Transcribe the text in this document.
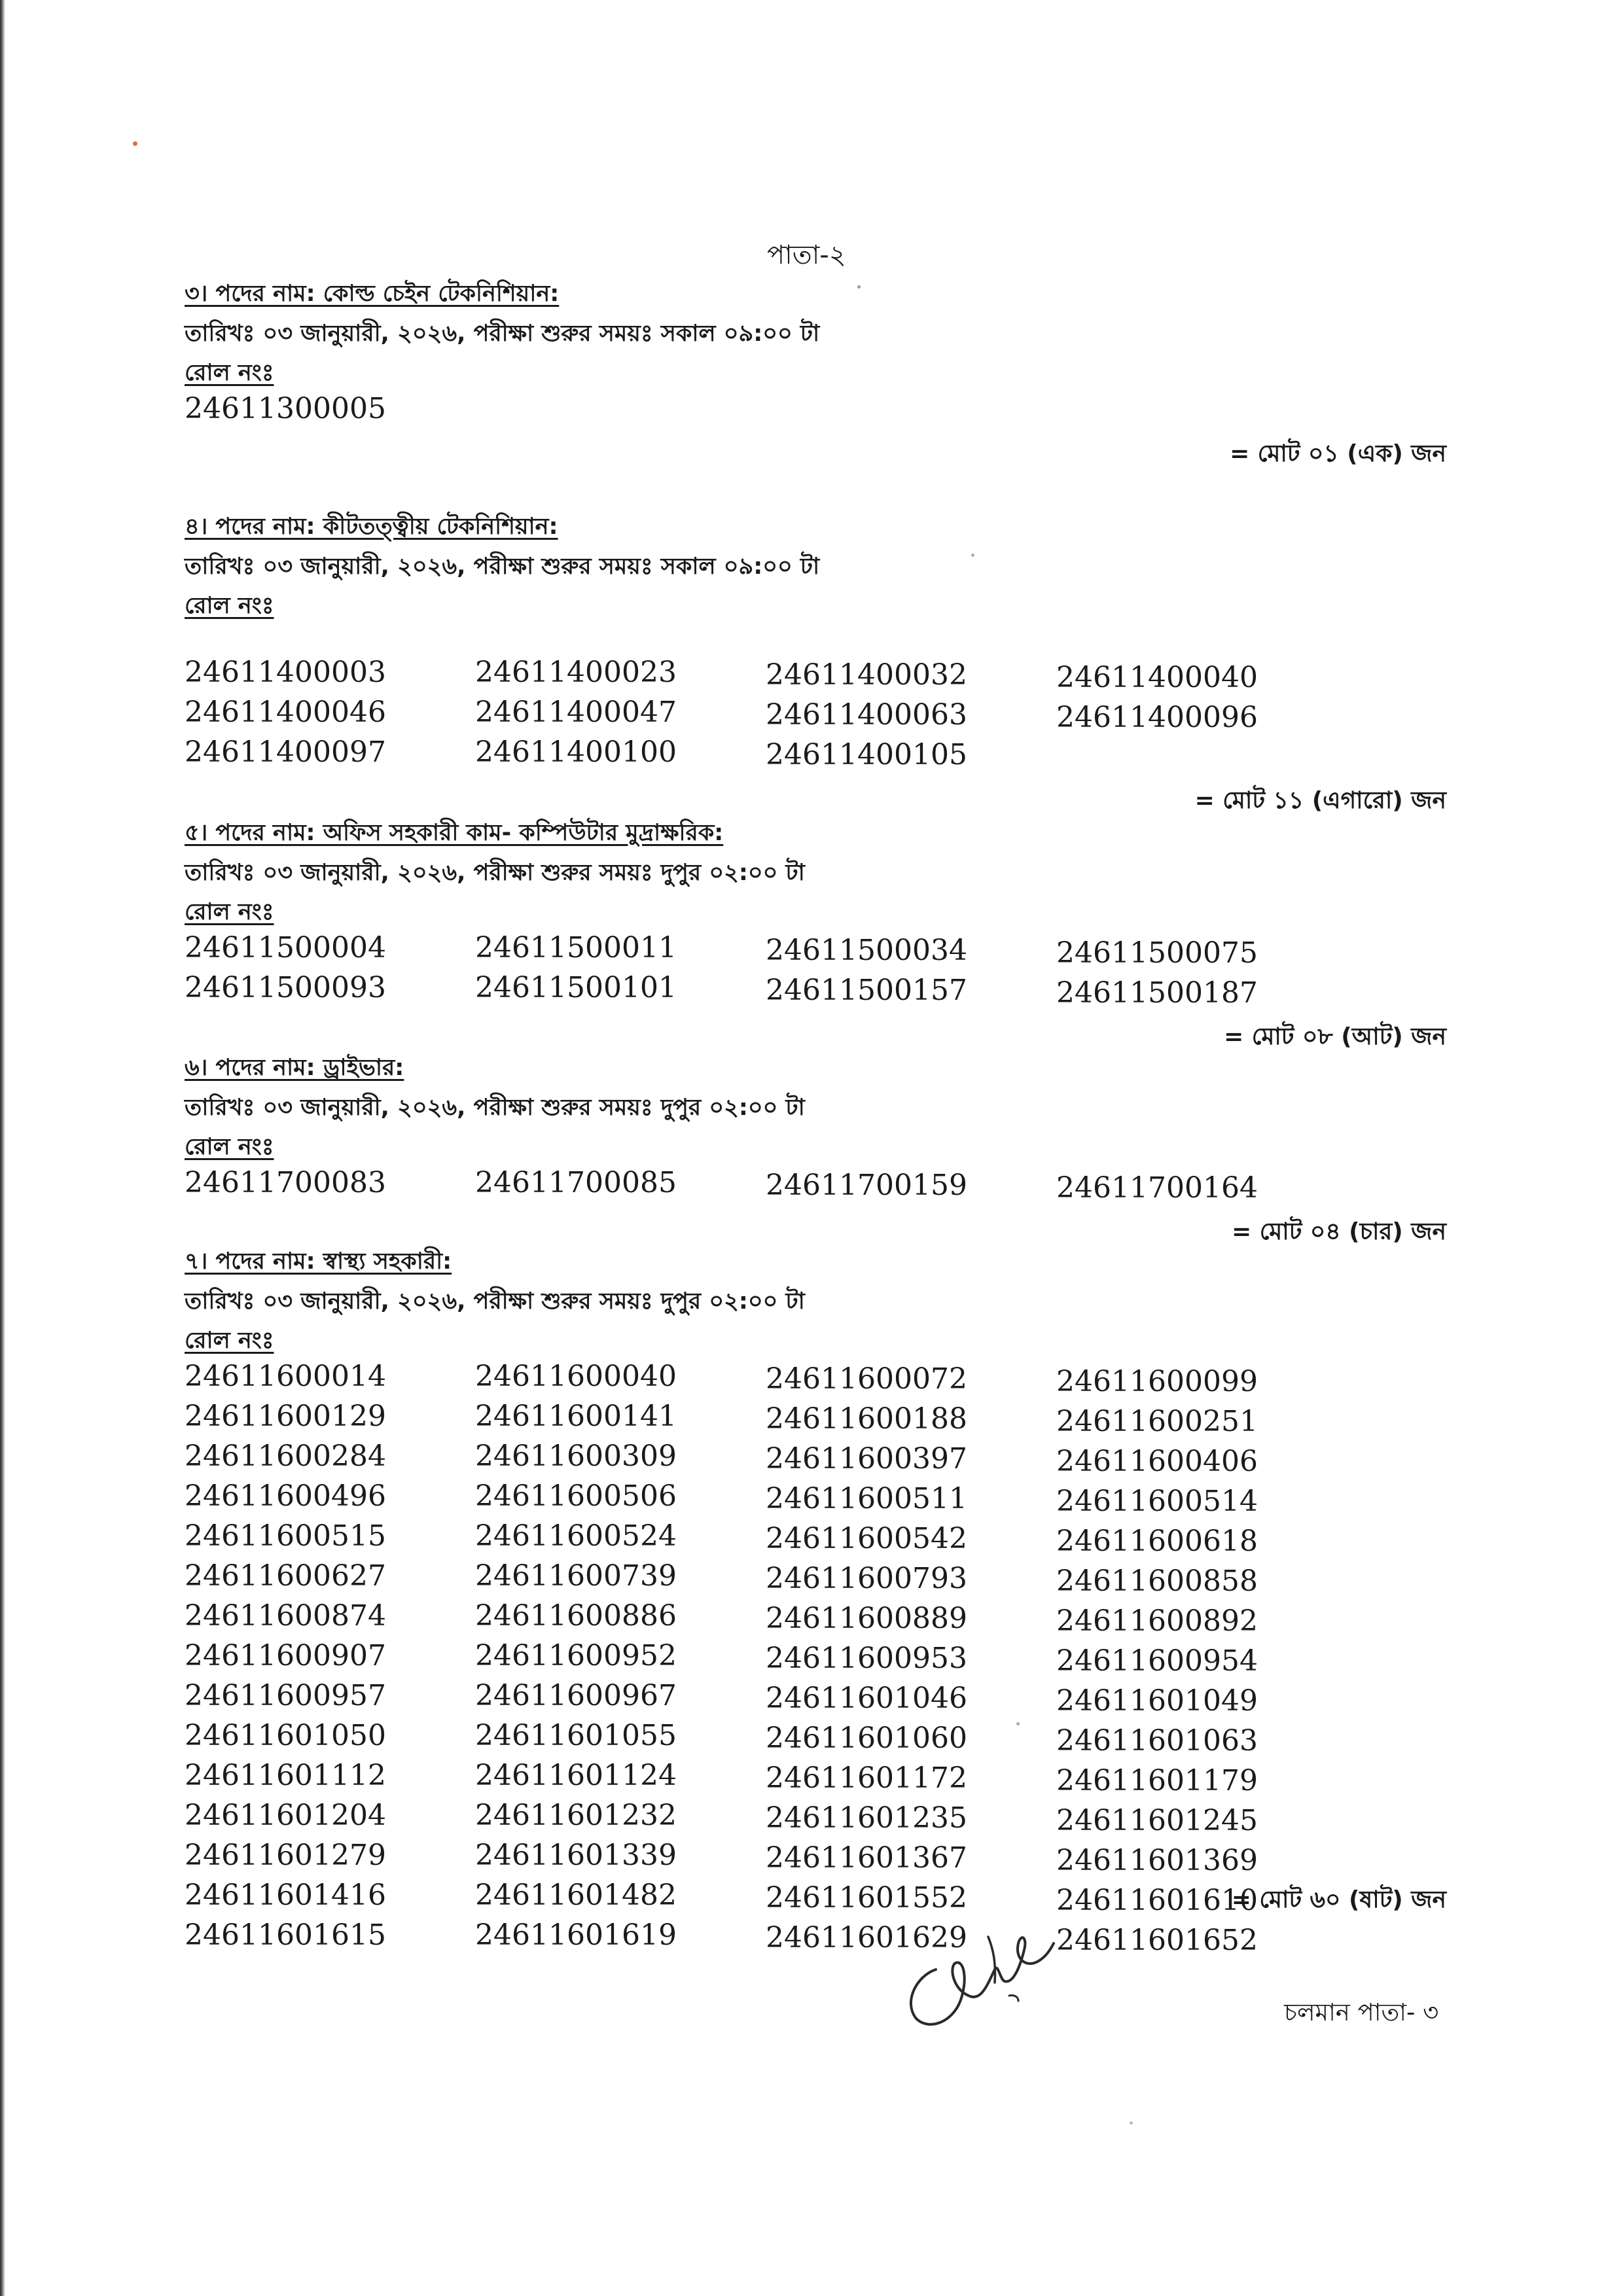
পাতা-২
৩। পদের নাম: কোল্ড চেইন টেকনিশিয়ান:
তারিখঃ ০৩ জানুয়ারী, ২০২৬, পরীক্ষা শুরুর সময়ঃ সকাল ০৯:০০ টা
রোল নংঃ
24611300005
= মোট ০১ (এক) জন
৪। পদের নাম: কীটতত্ত্বীয় টেকনিশিয়ান:
তারিখঃ ০৩ জানুয়ারী, ২০২৬, পরীক্ষা শুরুর সময়ঃ সকাল ০৯:০০ টা
রোল নংঃ
24611400003	24611400023	24611400032	24611400040
24611400046	24611400047	24611400063	24611400096
24611400097	24611400100	24611400105
= মোট ১১ (এগারো) জন
৫। পদের নাম: অফিস সহকারী কাম- কম্পিউটার মুদ্রাক্ষরিক:
তারিখঃ ০৩ জানুয়ারী, ২০২৬, পরীক্ষা শুরুর সময়ঃ দুপুর ০২:০০ টা
রোল নংঃ
24611500004	24611500011	24611500034	24611500075
24611500093	24611500101	24611500157	24611500187
= মোট ০৮ (আট) জন
৬। পদের নাম: ড্রাইভার:
তারিখঃ ০৩ জানুয়ারী, ২০২৬, পরীক্ষা শুরুর সময়ঃ দুপুর ০২:০০ টা
রোল নংঃ
24611700083	24611700085	24611700159	24611700164
= মোট ০৪ (চার) জন
৭। পদের নাম: স্বাস্থ্য সহকারী:
তারিখঃ ০৩ জানুয়ারী, ২০২৬, পরীক্ষা শুরুর সময়ঃ দুপুর ০২:০০ টা
রোল নংঃ
24611600014	24611600040	24611600072	24611600099
24611600129	24611600141	24611600188	24611600251
24611600284	24611600309	24611600397	24611600406
24611600496	24611600506	24611600511	24611600514
24611600515	24611600524	24611600542	24611600618
24611600627	24611600739	24611600793	24611600858
24611600874	24611600886	24611600889	24611600892
24611600907	24611600952	24611600953	24611600954
24611600957	24611600967	24611601046	24611601049
24611601050	24611601055	24611601060	24611601063
24611601112	24611601124	24611601172	24611601179
24611601204	24611601232	24611601235	24611601245
24611601279	24611601339	24611601367	24611601369
24611601416	24611601482	24611601552	24611601610
24611601615	24611601619	24611601629	24611601652
= মোট ৬০ (ষাট) জন
চলমান পাতা- ৩
